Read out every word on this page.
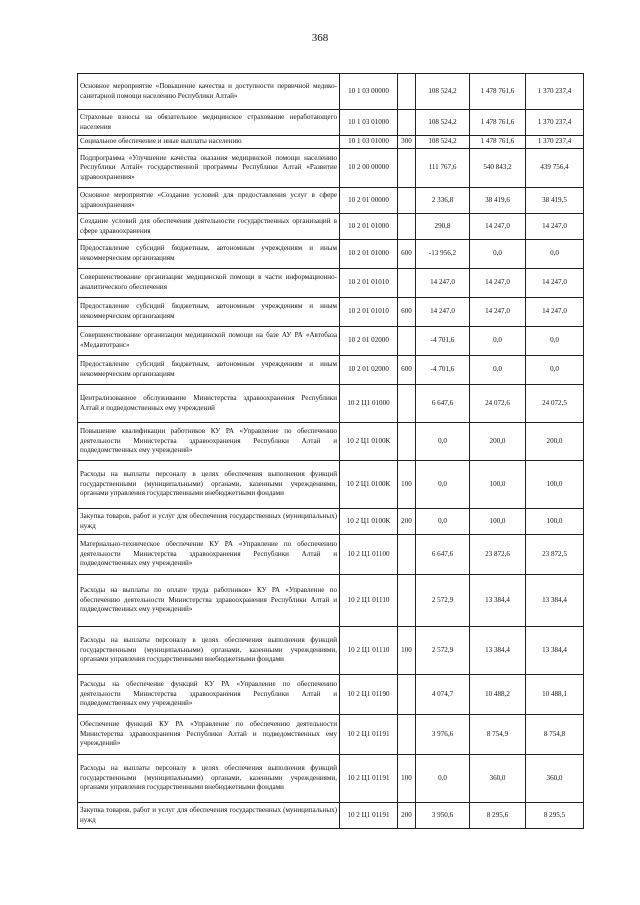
368
Основное мероприятие «Повышение качества и доступности первичной медико-санитарной помощи населению Республики Алтай»	10 1 03 00000		108 524,2	1 478 761,6	1 370 237,4
Страховые взносы на обязательное медицинское страхование неработающего населения	10 1 03 01000		108 524,2	1 478 761,6	1 370 237,4
Социальное обеспечение и иные выплаты населению	10 1 03 01000	300	108 524,2	1 478 761,6	1 370 237,4
Подпрограмма «Улучшение качества оказания медицинской помощи населению Республики Алтай» государственной программы Республики Алтай «Развитие здравоохранения»	10 2 00 00000		111 767,6	540 843,2	439 756,4
Основное мероприятие «Создание условий для предоставления услуг в сфере здравоохранения»	10 2 01 00000		2 336,8	38 419,6	38 419,5
Создание условий для обеспечения деятельности государственных организаций в сфере здравоохранения	10 2 01 01000		290,8	14 247,0	14 247,0
Предоставление субсидий бюджетным, автономным учреждениям и иным некоммерческим организациям	10 2 01 01000	600	-13 956,2	0,0	0,0
Совершенствование организации медицинской помощи в части информационно-аналитического обеспечения	10 2 01 01010		14 247,0	14 247,0	14 247,0
Предоставление субсидий бюджетным, автономным учреждениям и иным некоммерческим организациям	10 2 01 01010	600	14 247,0	14 247,0	14 247,0
Совершенствование организации медицинской помощи на базе АУ РА «Автобаза «Медавтотранс»	10 2 01 02000		-4 701,6	0,0	0,0
Предоставление субсидий бюджетным, автономным учреждениям и иным некоммерческим организациям	10 2 01 02000	600	-4 701,6	0,0	0,0
Централизованное обслуживание Министерства здравоохранения Республики Алтай и подведомственных ему учреждений	10 2 Ц1 01000		6 647,6	24 072,6	24 072,5
Повышение квалификации работников КУ РА «Управление по обеспечению деятельности Министерства здравоохранения Республики Алтай и подведомственных ему учреждений»	10 2 Ц1 0100К		0,0	200,0	200,0
Расходы на выплаты персоналу в целях обеспечения выполнения функций государственными (муниципальными) органами, казенными учреждениями, органами управления государственными внебюджетными фондами	10 2 Ц1 0100К	100	0,0	100,0	100,0
Закупка товаров, работ и услуг для обеспечения государственных (муниципальных) нужд	10 2 Ц1 0100К	200	0,0	100,0	100,0
Материально-техническое обеспечение КУ РА «Управление по обеспечению деятельности Министерства здравоохранения Республики Алтай и подведомственных ему учреждений»	10 2 Ц1 01100		6 647,6	23 872,6	23 872,5
Расходы на выплаты по оплате труда работников» КУ РА «Управление по обеспечению деятельности Министерства здравоохранения Республики Алтай и подведомственных ему учреждений»	10 2 Ц1 01110		2 572,9	13 384,4	13 384,4
Расходы на выплаты персоналу в целях обеспечения выполнения функций государственными (муниципальными) органами, казенными учреждениями, органами управления государственными внебюджетными фондами	10 2 Ц1 01110	100	2 572,9	13 384,4	13 384,4
Расходы на обеспечение функций КУ РА «Управление по обеспечению деятельности Министерства здравоохранения Республики Алтай и подведомственных ему учреждений»	10 2 Ц1 01190		4 074,7	10 488,2	10 488,1
Обеспечение функций КУ РА «Управление по обеспечению деятельности Министерства здравоохранения Республики Алтай и подведомственных ему учреждений»	10 2 Ц1 01191		3 976,6	8 754,9	8 754,8
Расходы на выплаты персоналу в целях обеспечения выполнения функций государственными (муниципальными) органами, казенными учреждениями, органами управления государственными внебюджетными фондами	10 2 Ц1 01191	100	0,0	360,0	360,0
Закупка товаров, работ и услуг для обеспечения государственных (муниципальных) нужд	10 2 Ц1 01191	200	3 950,6	8 295,6	8 295,5
